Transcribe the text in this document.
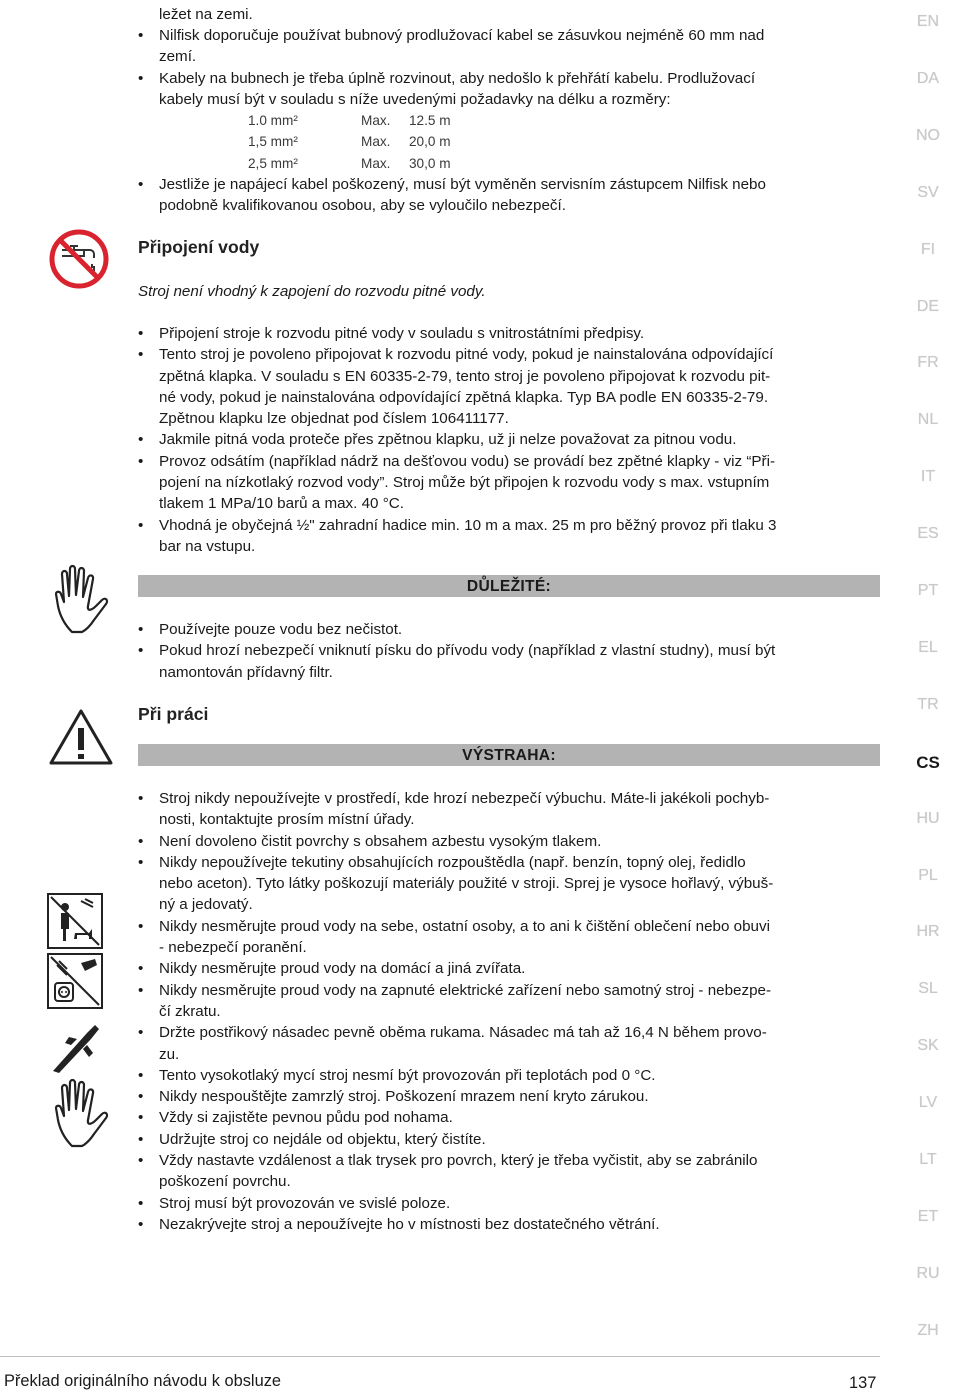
ležet na zemi.
• Nilfisk doporučuje používat bubnový prodlužovací kabel se zásuvkou nejméně 60 mm nad
zemí.
• Kabely na bubnech je třeba úplně rozvinout, aby nedošlo k přehřátí kabelu. Prodlužovací
kabely musí být v souladu s níže uvedenými požadavky na délku a rozměry:
1.0 mm²	Max.	12.5 m
1,5 mm²	Max.	20,0 m
2,5 mm²	Max.	30,0 m
• Jestliže je napájecí kabel poškozený, musí být vyměněn servisním zástupcem Nilfisk nebo
podobně kvalifikovanou osobou, aby se vyloučilo nebezpečí.
Připojení vody
Stroj není vhodný k zapojení do rozvodu pitné vody.
• Připojení stroje k rozvodu pitné vody v souladu s vnitrostátními předpisy.
• Tento stroj je povoleno připojovat k rozvodu pitné vody, pokud je nainstalována odpovídající
zpětná klapka. V souladu s EN 60335-2-79, tento stroj je povoleno připojovat k rozvodu pit-
né vody, pokud je nainstalována odpovídající zpětná klapka. Typ BA podle EN 60335-2-79.
Zpětnou klapku lze objednat pod číslem 106411177.
• Jakmile pitná voda proteče přes zpětnou klapku, už ji nelze považovat za pitnou vodu.
• Provoz odsátím (například nádrž na dešťovou vodu) se provádí bez zpětné klapky - viz “Při-
pojení na nízkotlaký rozvod vody”. Stroj může být připojen k rozvodu vody s max. vstupním
tlakem 1 MPa/10 barů a max. 40 °C.
• Vhodná je obyčejná ½" zahradní hadice min. 10 m a max. 25 m pro běžný provoz při tlaku 3
bar na vstupu.
DŮLEŽITÉ:
• Používejte pouze vodu bez nečistot.
• Pokud hrozí nebezpečí vniknutí písku do přívodu vody (například z vlastní studny), musí být
namontován přídavný filtr.
Při práci
VÝSTRAHA:
• Stroj nikdy nepoužívejte v prostředí, kde hrozí nebezpečí výbuchu. Máte-li jakékoli pochyb-
nosti, kontaktujte prosím místní úřady.
• Není dovoleno čistit povrchy s obsahem azbestu vysokým tlakem.
• Nikdy nepoužívejte tekutiny obsahujících rozpouštědla (např. benzín, topný olej, ředidlo
nebo aceton). Tyto látky poškozují materiály použité v stroji. Sprej je vysoce hořlavý, výbuš-
ný a jedovatý.
• Nikdy nesměrujte proud vody na sebe, ostatní osoby, a to ani k čištění oblečení nebo obuvi
- nebezpečí poranění.
• Nikdy nesměrujte proud vody na domácí a jiná zvířata.
• Nikdy nesměrujte proud vody na zapnuté elektrické zařízení nebo samotný stroj - nebezpe-
čí zkratu.
• Držte postřikový násadec pevně oběma rukama. Násadec má tah až 16,4 N během provo-
zu.
• Tento vysokotlaký mycí stroj nesmí být provozován při teplotách pod 0 °C.
• Nikdy nespouštějte zamrzlý stroj. Poškození mrazem není kryto zárukou.
• Vždy si zajistěte pevnou půdu pod nohama.
• Udržujte stroj co nejdále od objektu, který čistíte.
• Vždy nastavte vzdálenost a tlak trysek pro povrch, který je třeba vyčistit, aby se zabránilo
poškození povrchu.
• Stroj musí být provozován ve svislé poloze.
• Nezakrývejte stroj a nepoužívejte ho v místnosti bez dostatečného větrání.
EN
DA
NO
SV
FI
DE
FR
NL
IT
ES
PT
EL
TR
CS
HU
PL
HR
SL
SK
LV
LT
ET
RU
ZH
Překlad originálního návodu k obsluze	137
